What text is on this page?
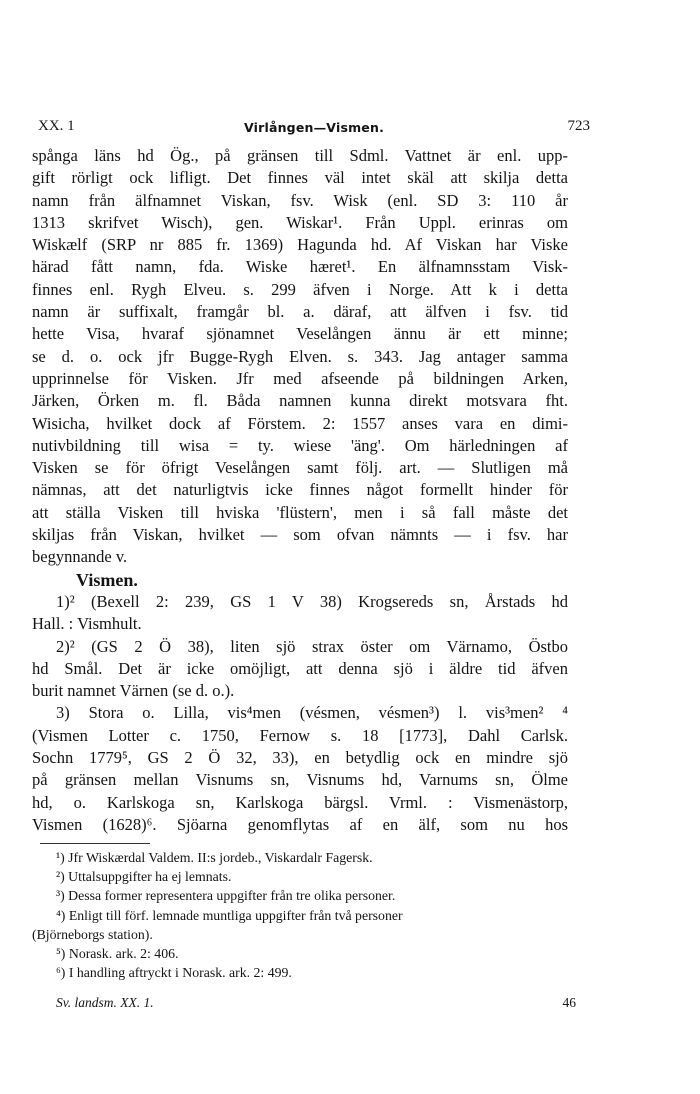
XX. 1	Virlången—Vismen.	723
spånga läns hd Ög., på gränsen till Sdml. Vattnet är enl. upp-
gift rörligt ock lifligt. Det finnes väl intet skäl att skilja detta
namn från älfnamnet Viskan, fsv. Wisk (enl. SD 3: 110 år
1313 skrifvet Wisch), gen. Wiskar¹. Från Uppl. erinras om
Wiskælf (SRP nr 885 fr. 1369) Hagunda hd. Af Viskan har Viske
härad fått namn, fda. Wiske hæret¹. En älfnamnsstam Visk-
finnes enl. Rygh Elveu. s. 299 äfven i Norge. Att k i detta
namn är suffixalt, framgår bl. a. däraf, att älfven i fsv. tid
hette Visa, hvaraf sjönamnet Veselången ännu är ett minne;
se d. o. ock jfr Bugge-Rygh Elven. s. 343. Jag antager samma
upprinnelse för Visken. Jfr med afseende på bildningen Arken,
Järken, Örken m. fl. Båda namnen kunna direkt motsvara fht.
Wisicha, hvilket dock af Förstem. 2: 1557 anses vara en dimi-
nutivbildning till wisa = ty. wiese 'äng'. Om härledningen af
Visken se för öfrigt Veselången samt följ. art. — Slutligen må
nämnas, att det naturligtvis icke finnes något formellt hinder för
att ställa Visken till hviska 'flüstern', men i så fall måste det
skiljas från Viskan, hvilket — som ofvan nämnts — i fsv. har
begynnande v.
Vismen.
1)² (Bexell 2: 239, GS 1 V 38) Krogsereds sn, Årstads hd
Hall. : Vismhult.
2)² (GS 2 Ö 38), liten sjö strax öster om Värnamo, Östbo
hd Smål. Det är icke omöjligt, att denna sjö i äldre tid äfven
burit namnet Värnen (se d. o.).
3) Stora o. Lilla, vis⁴men (vésmen, vésmen³) l. vis³men² ⁴
(Vismen Lotter c. 1750, Fernow s. 18 [1773], Dahl Carlsk.
Sochn 1779⁵, GS 2 Ö 32, 33), en betydlig ock en mindre sjö
på gränsen mellan Visnums sn, Visnums hd, Varnums sn, Ölme
hd, o. Karlskoga sn, Karlskoga bärgsl. Vrml. : Vismenästorp,
Vismen (1628)⁶. Sjöarna genomflytas af en älf, som nu hos
¹) Jfr Wiskærdal Valdem. II:s jordeb., Viskardalr Fagersk.
²) Uttalsuppgifter ha ej lemnats.
³) Dessa former representera uppgifter från tre olika personer.
⁴) Enligt till förf. lemnade muntliga uppgifter från två personer
(Björneborgs station).
⁵) Norask. ark. 2: 406.
⁶) I handling aftryckt i Norask. ark. 2: 499.
Sv. landsm. XX. 1.	46
